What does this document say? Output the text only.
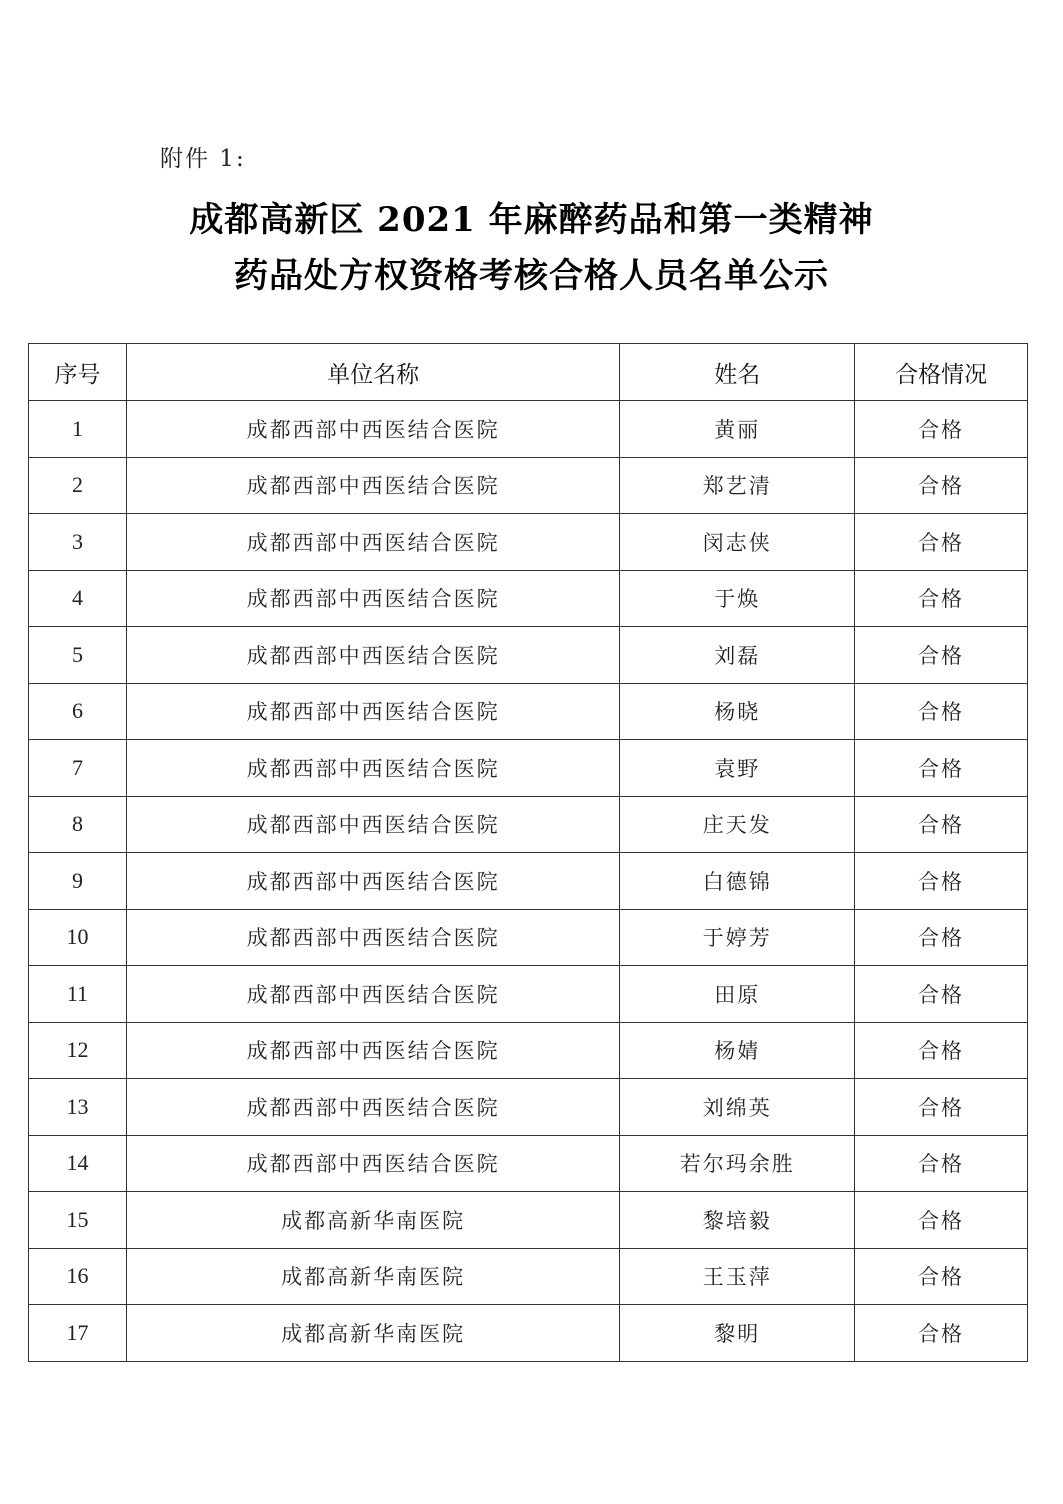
附件 1:
成都高新区 2021 年麻醉药品和第一类精神
药品处方权资格考核合格人员名单公示
序号	单位名称	姓名	合格情况
1	成都西部中西医结合医院	黄丽	合格
2	成都西部中西医结合医院	郑艺清	合格
3	成都西部中西医结合医院	闵志侠	合格
4	成都西部中西医结合医院	于焕	合格
5	成都西部中西医结合医院	刘磊	合格
6	成都西部中西医结合医院	杨晓	合格
7	成都西部中西医结合医院	袁野	合格
8	成都西部中西医结合医院	庄天发	合格
9	成都西部中西医结合医院	白德锦	合格
10	成都西部中西医结合医院	于婷芳	合格
11	成都西部中西医结合医院	田原	合格
12	成都西部中西医结合医院	杨婧	合格
13	成都西部中西医结合医院	刘绵英	合格
14	成都西部中西医结合医院	若尔玛余胜	合格
15	成都高新华南医院	黎培毅	合格
16	成都高新华南医院	王玉萍	合格
17	成都高新华南医院	黎明	合格
